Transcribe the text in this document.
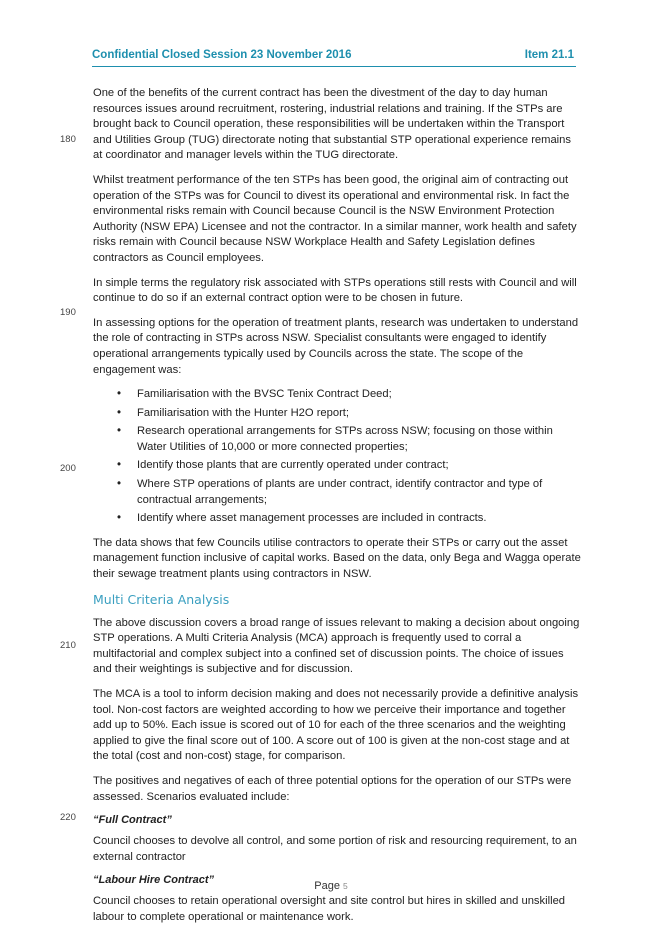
Confidential Closed Session 23 November 2016	Item 21.1
180
190
200
210
220

One of the benefits of the current contract has been the divestment of the day to day human resources issues around recruitment, rostering, industrial relations and training. If the STPs are brought back to Council operation, these responsibilities will be undertaken within the Transport and Utilities Group (TUG) directorate noting that substantial STP operational experience remains at coordinator and manager levels within the TUG directorate.

Whilst treatment performance of the ten STPs has been good, the original aim of contracting out operation of the STPs was for Council to divest its operational and environmental risk. In fact the environmental risks remain with Council because Council is the NSW Environment Protection Authority (NSW EPA) Licensee and not the contractor. In a similar manner, work health and safety risks remain with Council because NSW Workplace Health and Safety Legislation defines contractors as Council employees.

In simple terms the regulatory risk associated with STPs operations still rests with Council and will continue to do so if an external contract option were to be chosen in future.

In assessing options for the operation of treatment plants, research was undertaken to understand the role of contracting in STPs across NSW. Specialist consultants were engaged to identify operational arrangements typically used by Councils across the state. The scope of the engagement was:

• Familiarisation with the BVSC Tenix Contract Deed;
• Familiarisation with the Hunter H2O report;
• Research operational arrangements for STPs across NSW; focusing on those within Water Utilities of 10,000 or more connected properties;
• Identify those plants that are currently operated under contract;
• Where STP operations of plants are under contract, identify contractor and type of contractual arrangements;
• Identify where asset management processes are included in contracts.

The data shows that few Councils utilise contractors to operate their STPs or carry out the asset management function inclusive of capital works. Based on the data, only Bega and Wagga operate their sewage treatment plants using contractors in NSW.

Multi Criteria Analysis

The above discussion covers a broad range of issues relevant to making a decision about ongoing STP operations. A Multi Criteria Analysis (MCA) approach is frequently used to corral a multifactorial and complex subject into a confined set of discussion points. The choice of issues and their weightings is subjective and for discussion.

The MCA is a tool to inform decision making and does not necessarily provide a definitive analysis tool. Non-cost factors are weighted according to how we perceive their importance and together add up to 50%. Each issue is scored out of 10 for each of the three scenarios and the weighting applied to give the final score out of 100. A score out of 100 is given at the non-cost stage and at the total (cost and non-cost) stage, for comparison.

The positives and negatives of each of three potential options for the operation of our STPs were assessed. Scenarios evaluated include:

“Full Contract”

Council chooses to devolve all control, and some portion of risk and resourcing requirement, to an external contractor

“Labour Hire Contract”

Council chooses to retain operational oversight and site control but hires in skilled and unskilled labour to complete operational or maintenance work.

Page 5
